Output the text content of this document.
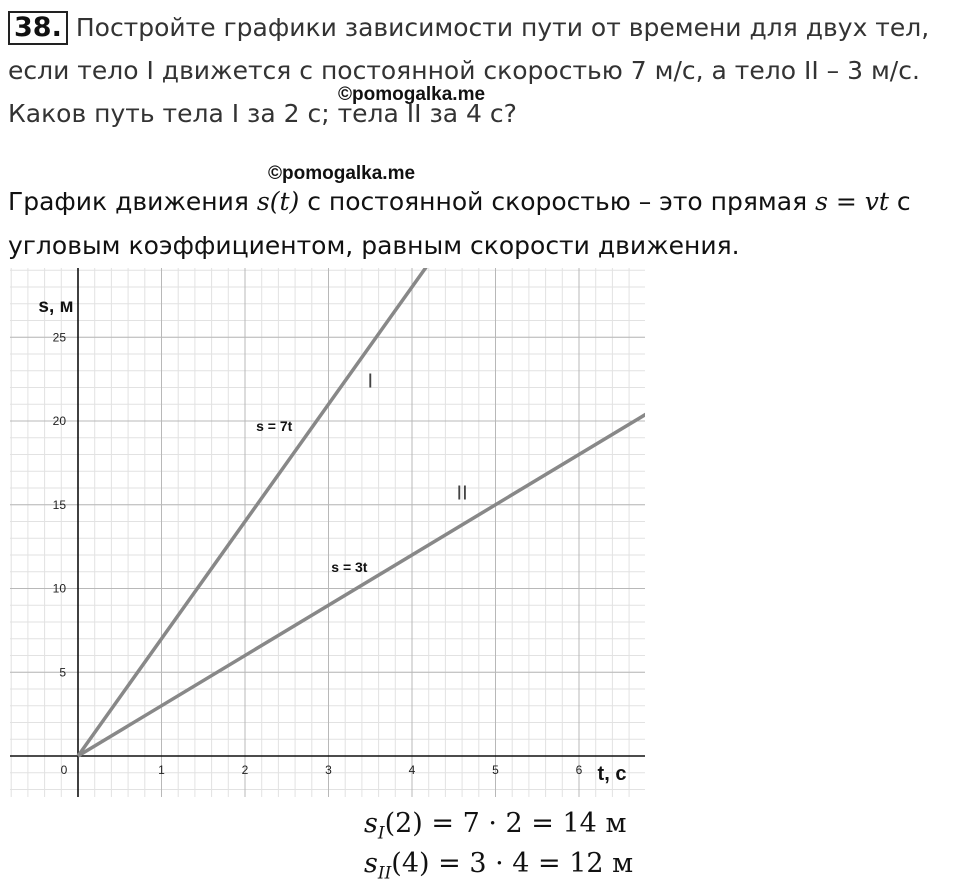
38. Постройте графики зависимости пути от времени для двух тел, если тело I движется с постоянной скоростью 7 м/с, а тело II – 3 м/с. Каков путь тела I за 2 с; тела II за 4 с?
©pomogalka.me
©pomogalka.me
График движения s(t) с постоянной скоростью – это прямая s = vt с угловым коэффициентом, равным скорости движения.
0	1	2	3	4	5	6
5
10
15
20
25
t, с
s, м
I
s = 7t
II
s = 3t
$s_I(2) = 7 \cdot 2 = 14$ м
$s_{II}(4) = 3 \cdot 4 = 12$ м
